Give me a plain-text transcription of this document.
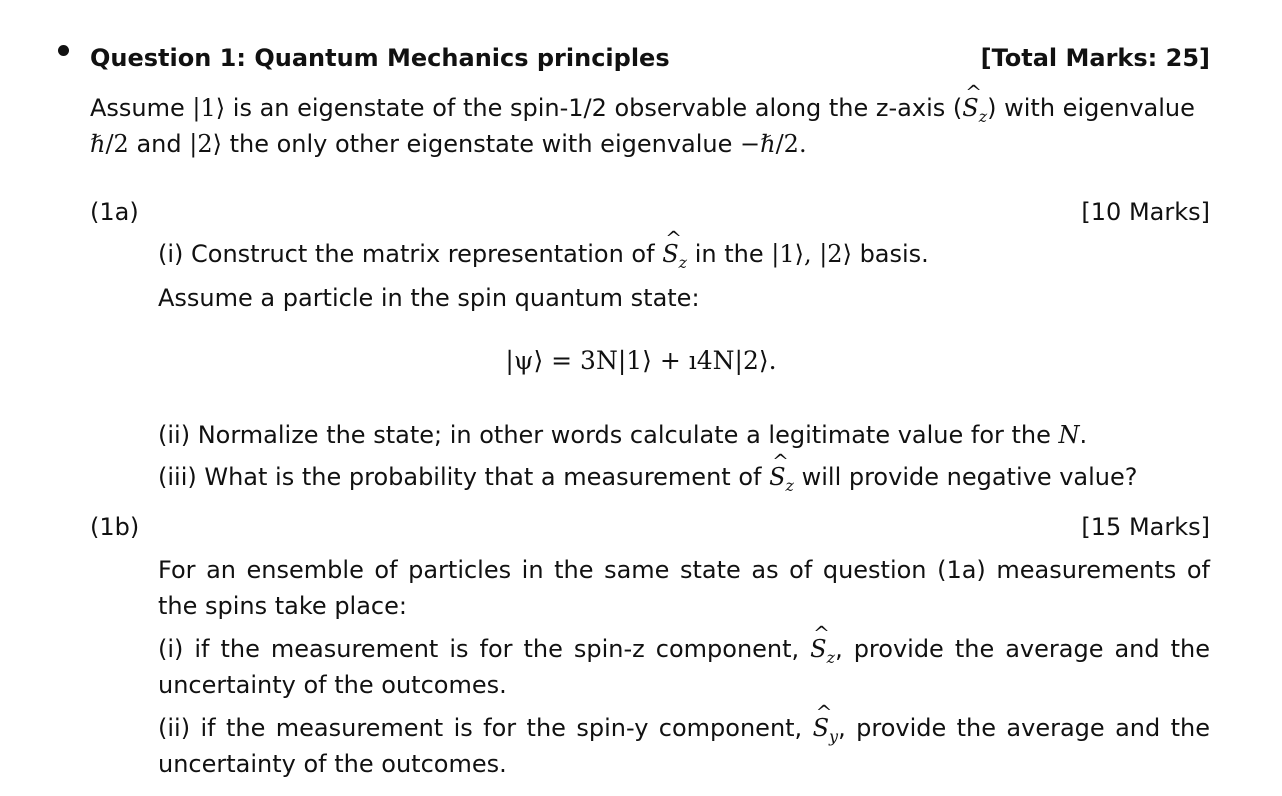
Question 1: Quantum Mechanics principles	[Total Marks: 25]
Assume |1⟩ is an eigenstate of the spin-1/2 observable along the z-axis (^ $S_z$) with eigenvalue
ℏ/2 and |2⟩ the only other eigenstate with eigenvalue −ℏ/2.
(1a)	[10 Marks]
(i) Construct the matrix representation of ^ $S_z$ in the |1⟩, |2⟩ basis.
Assume a particle in the spin quantum state:
|ψ⟩ = 3N|1⟩ + ı4N|2⟩.
(ii) Normalize the state; in other words calculate a legitimate value for the N.
(iii) What is the probability that a measurement of ^ $S_z$ will provide negative value?
(1b)	[15 Marks]
For an ensemble of particles in the same state as of question (1a) measurements of the spins take place:
(i) if the measurement is for the spin-z component, ^ $S_z$, provide the average and the uncertainty of the outcomes.
(ii) if the measurement is for the spin-y component, ^ $S_y$, provide the average and the uncertainty of the outcomes.
